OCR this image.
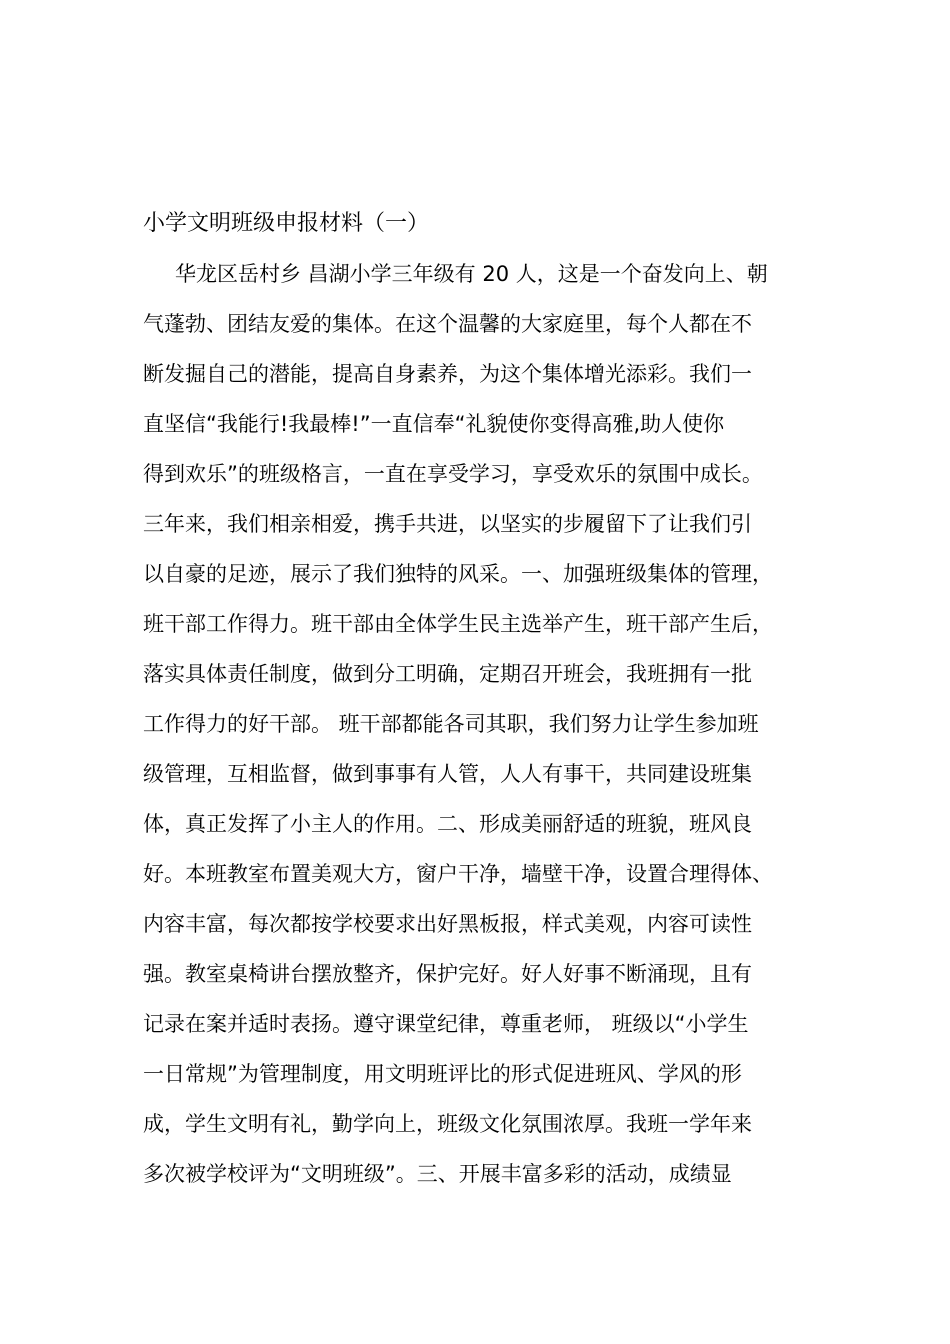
小学文明班级申报材料（一）
华龙区岳村乡 昌湖小学三年级有 20 人，这是一个奋发向上、朝
气蓬勃、团结友爱的集体。在这个温馨的大家庭里，每个人都在不
断发掘自己的潜能，提高自身素养，为这个集体增光添彩。我们一
直坚信“我能行!我最棒!”一直信奉“礼貌使你变得高雅,助人使你
得到欢乐”的班级格言，一直在享受学习，享受欢乐的氛围中成长。
三年来，我们相亲相爱，携手共进，以坚实的步履留下了让我们引
以自豪的足迹，展示了我们独特的风采。一、加强班级集体的管理，
班干部工作得力。班干部由全体学生民主选举产生，班干部产生后，
落实具体责任制度，做到分工明确，定期召开班会，我班拥有一批
工作得力的好干部。 班干部都能各司其职，我们努力让学生参加班
级管理，互相监督，做到事事有人管，人人有事干，共同建设班集
体，真正发挥了小主人的作用。二、形成美丽舒适的班貌，班风良
好。本班教室布置美观大方，窗户干净，墙壁干净，设置合理得体、
内容丰富，每次都按学校要求出好黑板报，样式美观，内容可读性
强。教室桌椅讲台摆放整齐，保护完好。好人好事不断涌现，且有
记录在案并适时表扬。遵守课堂纪律，尊重老师， 班级以“小学生
一日常规”为管理制度，用文明班评比的形式促进班风、学风的形
成，学生文明有礼，勤学向上，班级文化氛围浓厚。我班一学年来
多次被学校评为“文明班级”。三、开展丰富多彩的活动，成绩显
